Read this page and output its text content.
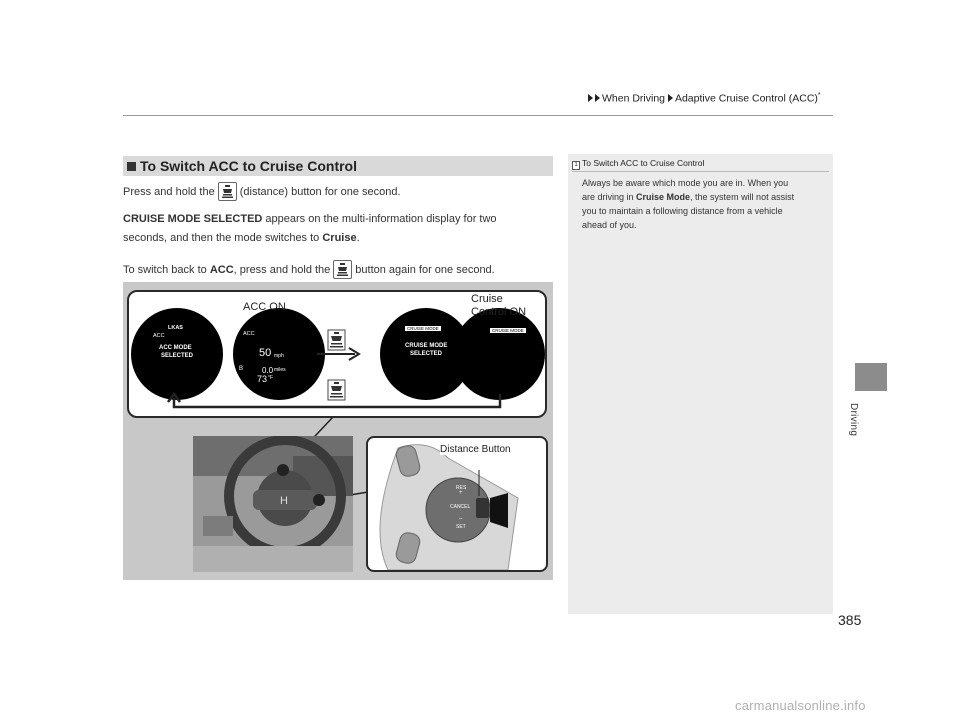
When Driving Adaptive Cruise Control (ACC)*
Driving
To Switch ACC to Cruise Control
Press and hold the (distance) button for one second.
CRUISE MODE SELECTED appears on the multi-information display for two
seconds, and then the mode switches to Cruise.
To switch back to ACC, press and hold the button again for one second.
1 To Switch ACC to Cruise Control
Always be aware which mode you are in. When you
are driving in Cruise Mode, the system will not assist
you to maintain a following distance from a vehicle
ahead of you.
LKAS
ACC
ACC MODE
SELECTED
ACC
50 mph
B 0.0 miles
73 °F
CRUISE MODE
CRUISE MODE
SELECTED
CRUISE MODE
ACC ON
Cruise
Control ON
H
Distance Button
RES
+
CANCEL
–
SET
385
carmanualsonline.info
